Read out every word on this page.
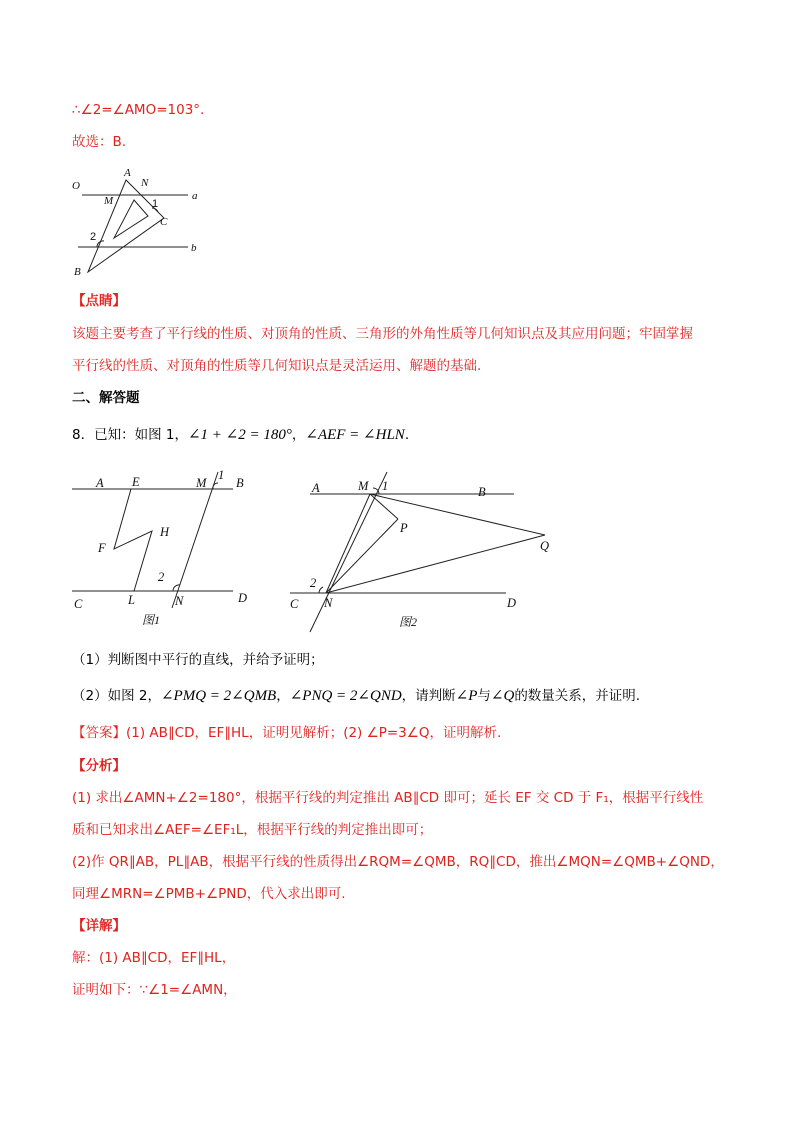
∴∠2=∠AMO=103°.
故选：B.
O
A
N
a
M	1
C
2
b
B
【点睛】
该题主要考查了平行线的性质、对顶角的性质、三角形的外角性质等几何知识点及其应用问题；牢固掌握
平行线的性质、对顶角的性质等几何知识点是灵活运用、解题的基础.
二、解答题
8．已知：如图 1，∠1 + ∠2 = 180°，∠AEF = ∠HLN.
A E	M
1
B
H
F
2
C	L	N	D
图1
A	M 1	B
P
Q
2
C N	D
图2
（1）判断图中平行的直线，并给予证明；
（2）如图 2，∠PMQ = 2∠QMB，∠PNQ = 2∠QND，请判断∠P与∠Q的数量关系，并证明.
【答案】(1) AB∥CD，EF∥HL，证明见解析；(2) ∠P=3∠Q，证明解析.
【分析】
(1) 求出∠AMN+∠2=180°，根据平行线的判定推出 AB∥CD 即可；延长 EF 交 CD 于 F₁，根据平行线性
质和已知求出∠AEF=∠EF₁L，根据平行线的判定推出即可；
(2)作 QR∥AB，PL∥AB，根据平行线的性质得出∠RQM=∠QMB，RQ∥CD，推出∠MQN=∠QMB+∠QND，
同理∠MRN=∠PMB+∠PND，代入求出即可.
【详解】
解：(1) AB∥CD，EF∥HL，
证明如下：∵∠1=∠AMN，
